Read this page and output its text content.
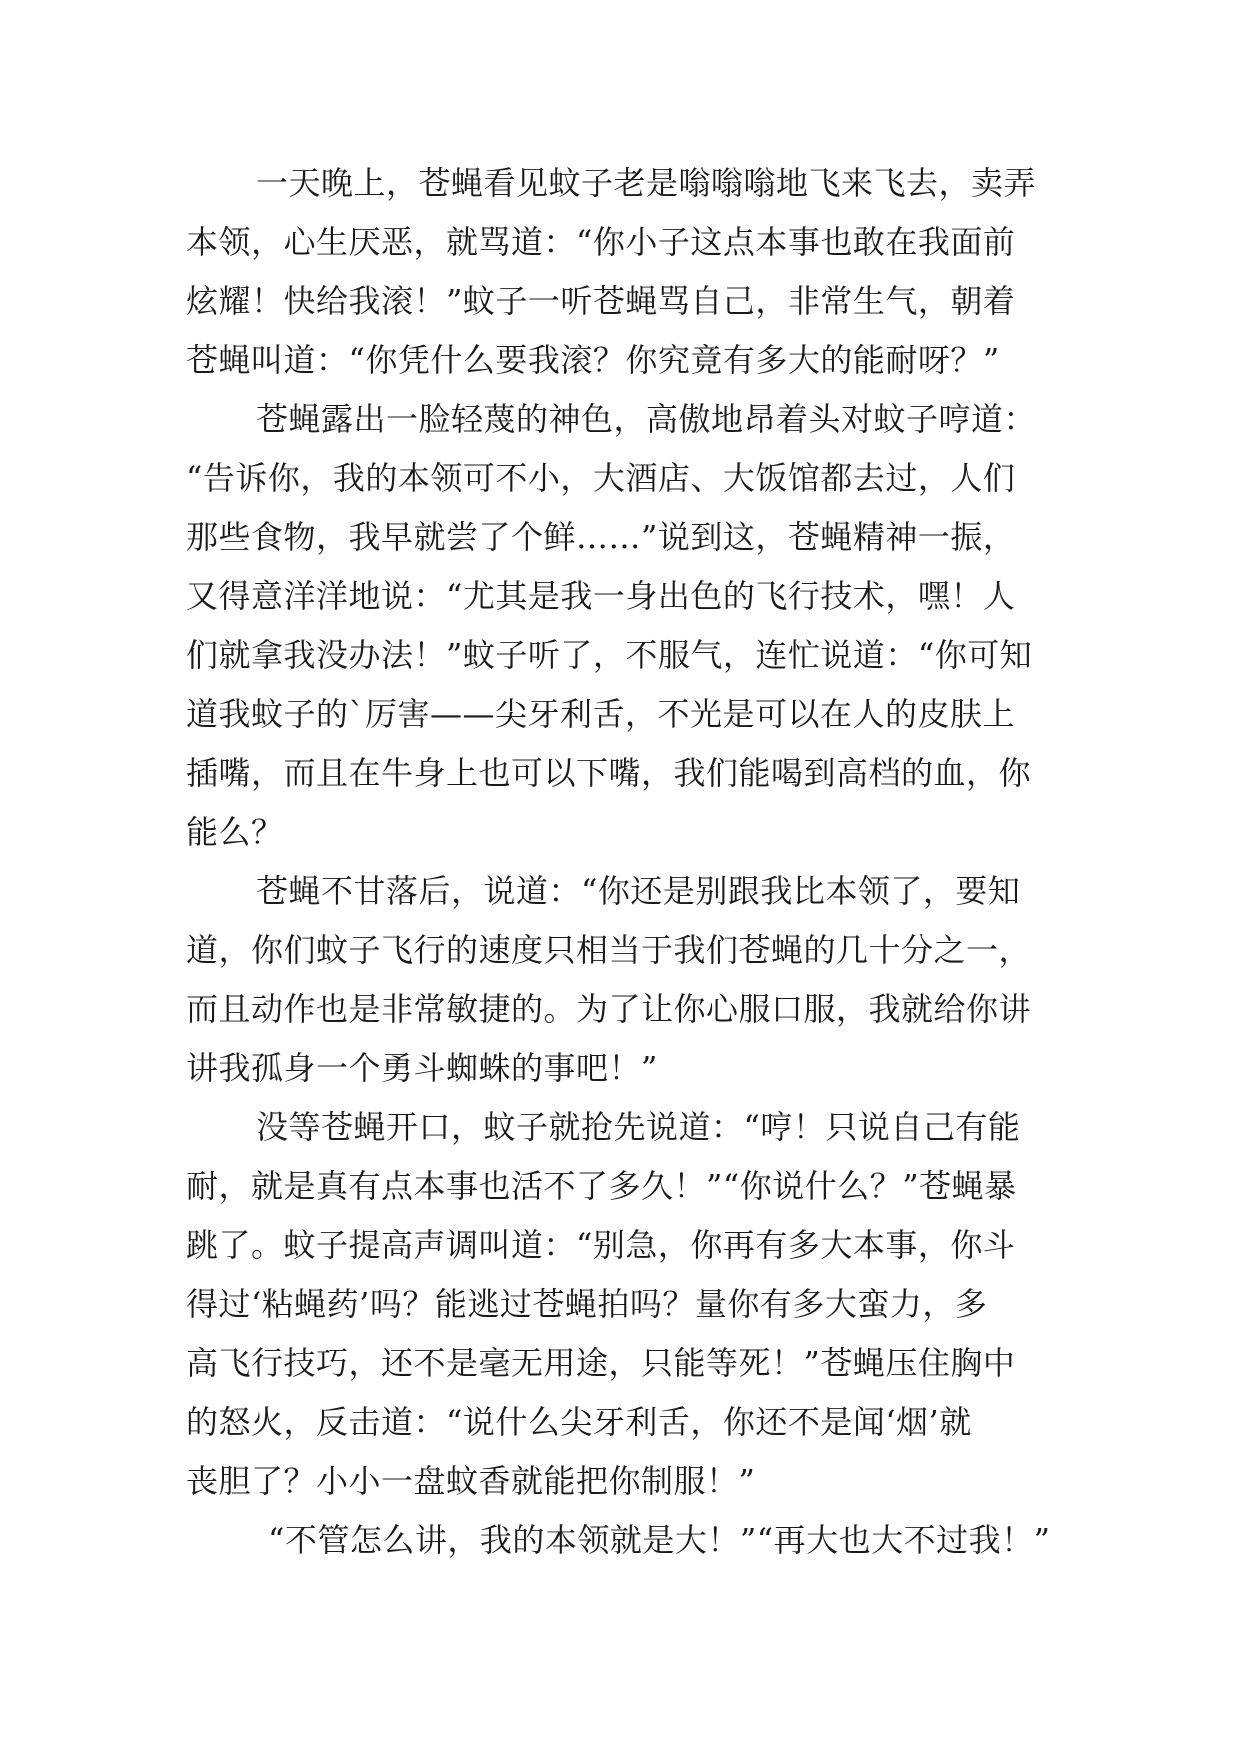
一天晚上，苍蝇看见蚊子老是嗡嗡嗡地飞来飞去，卖弄
本领，心生厌恶，就骂道：“你小子这点本事也敢在我面前
炫耀！快给我滚！”蚊子一听苍蝇骂自己，非常生气，朝着
苍蝇叫道：“你凭什么要我滚？你究竟有多大的能耐呀？”
苍蝇露出一脸轻蔑的神色，高傲地昂着头对蚊子哼道：
“告诉你，我的本领可不小，大酒店、大饭馆都去过，人们
那些食物，我早就尝了个鲜……”说到这，苍蝇精神一振，
又得意洋洋地说：“尤其是我一身出色的飞行技术，嘿！人
们就拿我没办法！”蚊子听了，不服气，连忙说道：“你可知
道我蚊子的`厉害——尖牙利舌，不光是可以在人的皮肤上
插嘴，而且在牛身上也可以下嘴，我们能喝到高档的血，你
能么？
苍蝇不甘落后，说道：“你还是别跟我比本领了，要知
道，你们蚊子飞行的速度只相当于我们苍蝇的几十分之一，
而且动作也是非常敏捷的。为了让你心服口服，我就给你讲
讲我孤身一个勇斗蜘蛛的事吧！”
没等苍蝇开口，蚊子就抢先说道：“哼！只说自己有能
耐，就是真有点本事也活不了多久！”“你说什么？”苍蝇暴
跳了。蚊子提高声调叫道：“别急，你再有多大本事，你斗
得过‘粘蝇药’吗？能逃过苍蝇拍吗？量你有多大蛮力，多
高飞行技巧，还不是毫无用途，只能等死！”苍蝇压住胸中
的怒火，反击道：“说什么尖牙利舌，你还不是闻‘烟’就
丧胆了？小小一盘蚊香就能把你制服！”
“不管怎么讲，我的本领就是大！”“再大也大不过我！”
